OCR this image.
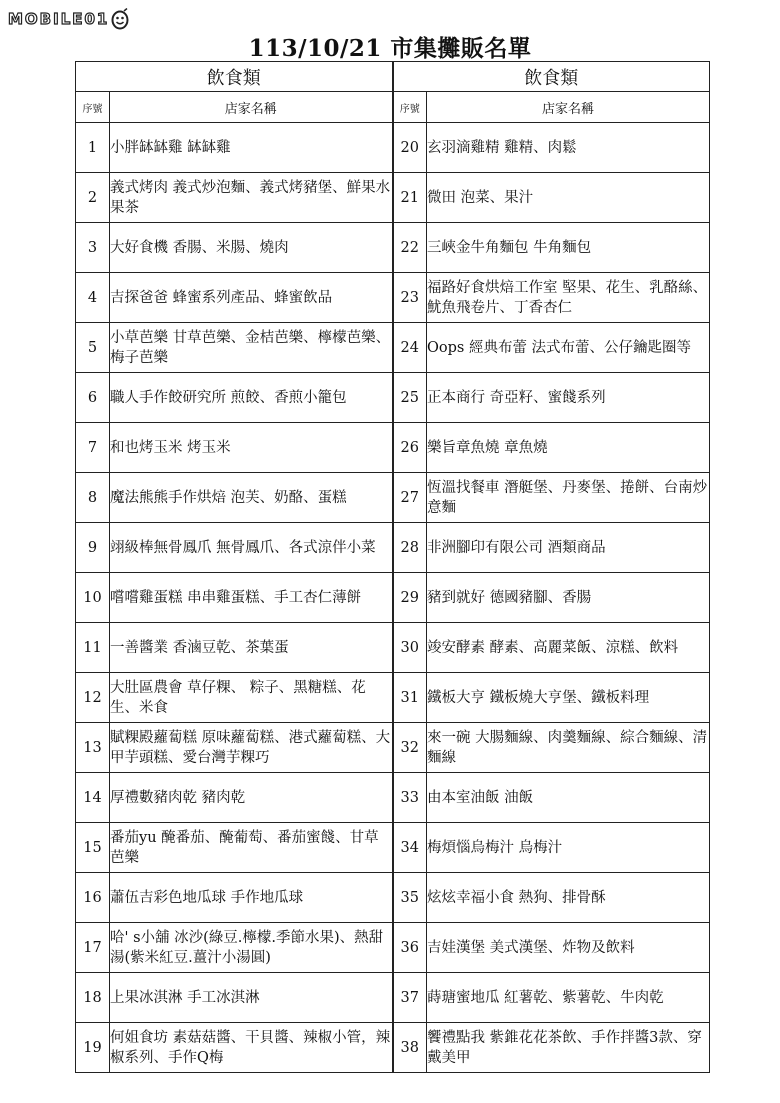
MOBILE01
113/10/21 市集攤販名單
飲食類		飲食類	
序號	店家名稱	序號	店家名稱
1	小胖缽缽雞 缽缽雞	20	玄羽滴雞精 雞精、肉鬆
2	義式烤肉 義式炒泡麵、義式烤豬堡、鮮果水果茶	21	微田 泡菜、果汁
3	大好食機 香腸、米腸、燒肉	22	三峽金牛角麵包 牛角麵包
4	吉探爸爸 蜂蜜系列產品、蜂蜜飲品	23	福路好食烘焙工作室 堅果、花生、乳酪絲、魷魚飛卷片、丁香杏仁
5	小草芭樂 甘草芭樂、金桔芭樂、檸檬芭樂、梅子芭樂	24	Oops 經典布蕾 法式布蕾、公仔鑰匙圈等
6	職人手作餃研究所 煎餃、香煎小籠包	25	正本商行 奇亞籽、蜜餞系列
7	和也烤玉米 烤玉米	26	樂旨章魚燒 章魚燒
8	魔法熊熊手作烘焙 泡芙、奶酪、蛋糕	27	恆溫找餐車 潛艇堡、丹麥堡、捲餅、台南炒意麵
9	翊級棒無骨鳳爪 無骨鳳爪、各式涼伴小菜	28	非洲腳印有限公司 酒類商品
10	嚐嚐雞蛋糕 串串雞蛋糕、手工杏仁薄餅	29	豬到就好 德國豬腳、香腸
11	一善醬業 香滷豆乾、茶葉蛋	30	竣安酵素 酵素、高麗菜飯、涼糕、飲料
12	大肚區農會 草仔粿、 粽子、黑糖糕、花生、米食	31	鐵板大亨 鐵板燒大亨堡、鐵板料理
13	賦粿殿蘿蔔糕 原味蘿蔔糕、港式蘿蔔糕、大甲芋頭糕、愛台灣芋粿巧	32	來一碗 大腸麵線、肉羹麵線、綜合麵線、清麵線
14	厚禮數豬肉乾 豬肉乾	33	由本室油飯 油飯
15	番茄yu 醃番茄、醃葡萄、番茄蜜餞、甘草芭樂	34	梅煩惱烏梅汁 烏梅汁
16	蕭伍吉彩色地瓜球 手作地瓜球	35	炫炫幸福小食 熱狗、排骨酥
17	哈' s小舖 冰沙(綠豆.檸檬.季節水果)、熱甜湯(紫米紅豆.薑汁小湯圓)	36	吉娃漢堡 美式漢堡、炸物及飲料
18	上果冰淇淋 手工冰淇淋	37	蒔瑭蜜地瓜 紅薯乾、紫薯乾、牛肉乾
19	何姐食坊 素菇菇醬、干貝醬、辣椒小管，辣椒系列、手作Q梅	38	饗禮點我 紫錐花花茶飲、手作拌醬3款、穿戴美甲
